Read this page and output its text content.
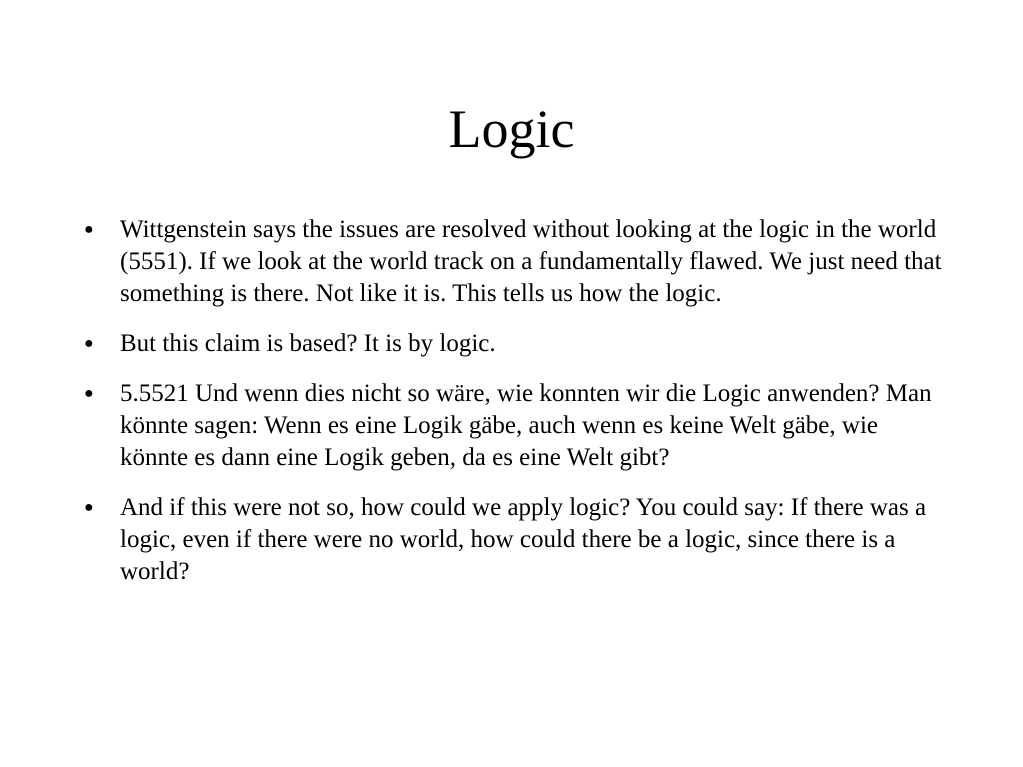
Logic
● Wittgenstein says the issues are resolved without looking at the logic in the world (5551). If we look at the world track on a fundamentally flawed. We just need that something is there. Not like it is. This tells us how the logic.
● But this claim is based? It is by logic.
● 5.5521 Und wenn dies nicht so wäre, wie konnten wir die Logic anwenden? Man könnte sagen: Wenn es eine Logik gäbe, auch wenn es keine Welt gäbe, wie könnte es dann eine Logik geben, da es eine Welt gibt?
● And if this were not so, how could we apply logic? You could say: If there was a logic, even if there were no world, how could there be a logic, since there is a world?
